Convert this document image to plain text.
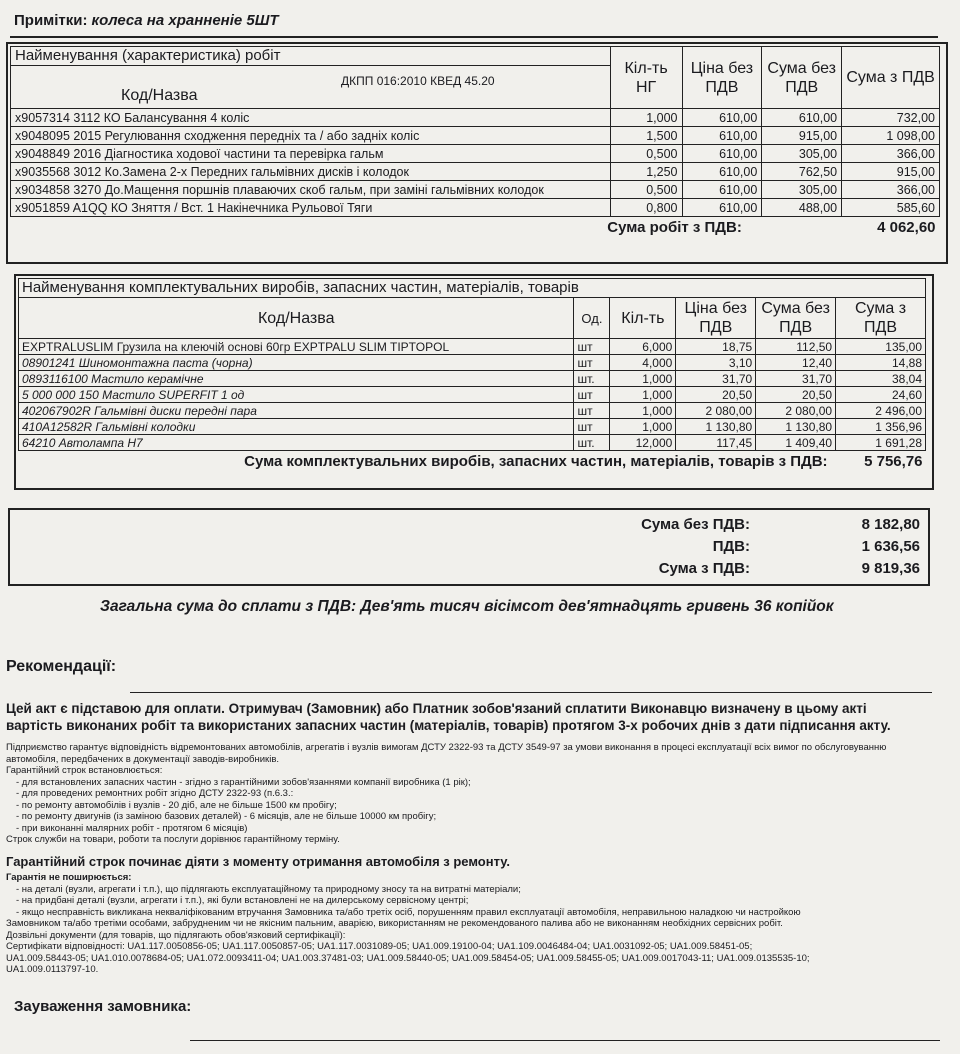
Примітки: колеса на хранненіе 5ШТ
Найменування (характеристика) робіт	Кіл-ть НГ	Ціна без ПДВ	Сума без ПДВ	Сума з ПДВ

Код/Назва
ДКПП 016:2010 КВЕД 45.20				

x9057314 3112 КО Балансування 4 колiс	1,000	610,00	610,00	732,00
x9048095 2015 Регулювання сходження передніх та / або задніх коліс	1,500	610,00	915,00	1 098,00
x9048849 2016 Діагностика ходової частини та перевірка гальм	0,500	610,00	305,00	366,00
x9035568 3012 Ко.Замена 2-х Передних гальмівних дисків і колодок	1,250	610,00	762,50	915,00
x9034858 3270 До.Мащення поршнів плаваючих скоб гальм, при заміні гальмівних колодок	0,500	610,00	305,00	366,00
x9051859 A1QQ КО Зняття / Вст. 1 Накінечника Рульової Тяги	0,800	610,00	488,00	585,60
Сума робіт з ПДВ:				4 062,60
Найменування комплектувальних виробів, запасних частин, матеріалів, товарів					
Код/Назва	Од.	Кіл-ть	Ціна без ПДВ	Сума без ПДВ	Сума з ПДВ
EXPTRALUSLIM Грузила на клеючій основі 60гр EXPTPALU SLIM TIPTOPOL	шт	6,000	18,75	112,50	135,00
08901241 Шиномонтажна паста (чорна)	шт	4,000	3,10	12,40	14,88
0893116100 Мастило керамічне	шт.	1,000	31,70	31,70	38,04
5 000 000 150 Мастило SUPERFIT 1 од	шт	1,000	20,50	20,50	24,60
402067902R Гальмівні диски передні пара	шт	1,000	2 080,00	2 080,00	2 496,00
410A12582R Гальмівні колодки	шт	1,000	1 130,80	1 130,80	1 356,96
64210 Автолампа H7	шт.	12,000	117,45	1 409,40	1 691,28
Сума комплектувальних виробів, запасних частин, матеріалів, товарів з ПДВ:					5 756,76
Сума без ПДВ:	8 182,80
ПДВ:	1 636,56
Сума з ПДВ:	9 819,36
Загальна сума до сплати з ПДВ: Дев'ять тисяч вісімсот дев'ятнадцять гривень 36 копійок
Рекомендації:
Цей акт є підставою для оплати. Отримувач (Замовник) або Платник зобов'язаний сплатити Виконавцю визначену в цьому акті вартість виконаних робіт та використаних запасних частин (матеріалів, товарів) протягом 3-х робочих днів з дати підписання акту.
Підприємство гарантує відповідність відремонтованих автомобілів, агрегатів і вузлів вимогам ДСТУ 2322-93 та ДСТУ 3549-97 за умови виконання в процесі експлуатації всіх вимог по обслуговуванню автомобіля, передбачених в документації заводів-виробників.
Гарантійний строк встановлюється:
- для встановлених запасних частин - згідно з гарантійними зобов'язаннями компанії виробника (1 рік);
- для проведених ремонтних робіт згідно ДСТУ 2322-93 (п.6.3.:
- по ремонту автомобілів і вузлів - 20 діб, але не більше 1500 км пробігу;
- по ремонту двигунів (із заміною базових деталей) - 6 місяців, але не більше 10000 км пробігу;
- при виконанні малярних робіт - протягом 6 місяців)
Строк служби на товари, роботи та послуги дорівнює гарантійному терміну.
Гарантійний строк починає діяти з моменту отримання автомобіля з ремонту.
Гарантія не поширюється:
- на деталі (вузли, агрегати і т.п.), що підлягають експлуатаційному та природному зносу та на витратні матеріали;
- на придбані деталі (вузли, агрегати і т.п.), які були встановлені не на дилерському сервісному центрі;
- якщо несправність викликана некваліфікованим втручання Замовника та/або третіх осіб, порушенням правил експлуатації автомобіля, неправильною наладкою чи настройкою
Замовником та/або третіми особами, забрудненим чи не якісним пальним, аварією, використанням не рекомендованого палива або не виконанням необхідних сервісних робіт.
Дозвільні документи (для товарів, що підлягають обов'язковий сертифікації):
Сертифікати відповідності: UA1.117.0050856-05; UA1.117.0050857-05; UA1.117.0031089-05; UA1.009.19100-04; UA1.109.0046484-04; UA1.0031092-05; UA1.009.58451-05;
UA1.009.58443-05; UA1.010.0078684-05; UA1.072.0093411-04; UA1.003.37481-03; UA1.009.58440-05; UA1.009.58454-05; UA1.009.58455-05; UA1.009.0017043-11; UA1.009.0135535-10;
UA1.009.0113797-10.
Зауваження замовника:
